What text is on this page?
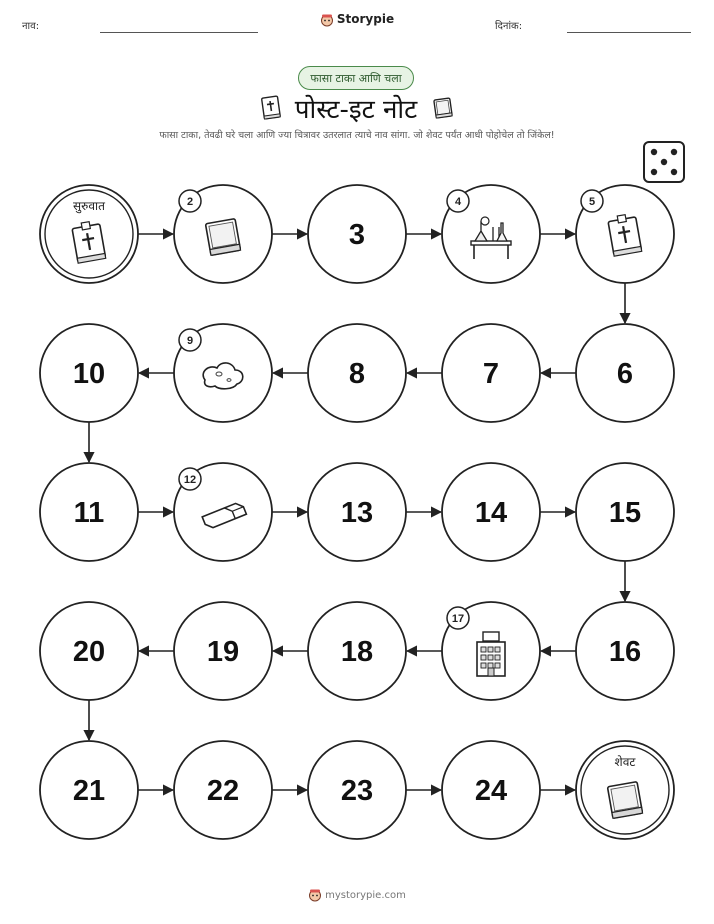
नाव:
Storypie
दिनांक:
फासा टाका आणि चला
पोस्ट-इट नोट
फासा टाका, तेवढी घरे चला आणि ज्या चित्रावर उतरलात त्याचे नाव सांगा. जो शेवट पर्यंत आधी पोहोचेल तो जिंकेल!
सुरुवात	2
3
4	5
6
7
8
9
10
11
12
13	14	15
16
17
18
19
20
21	22	23	24
शेवट
mystorypie.com
